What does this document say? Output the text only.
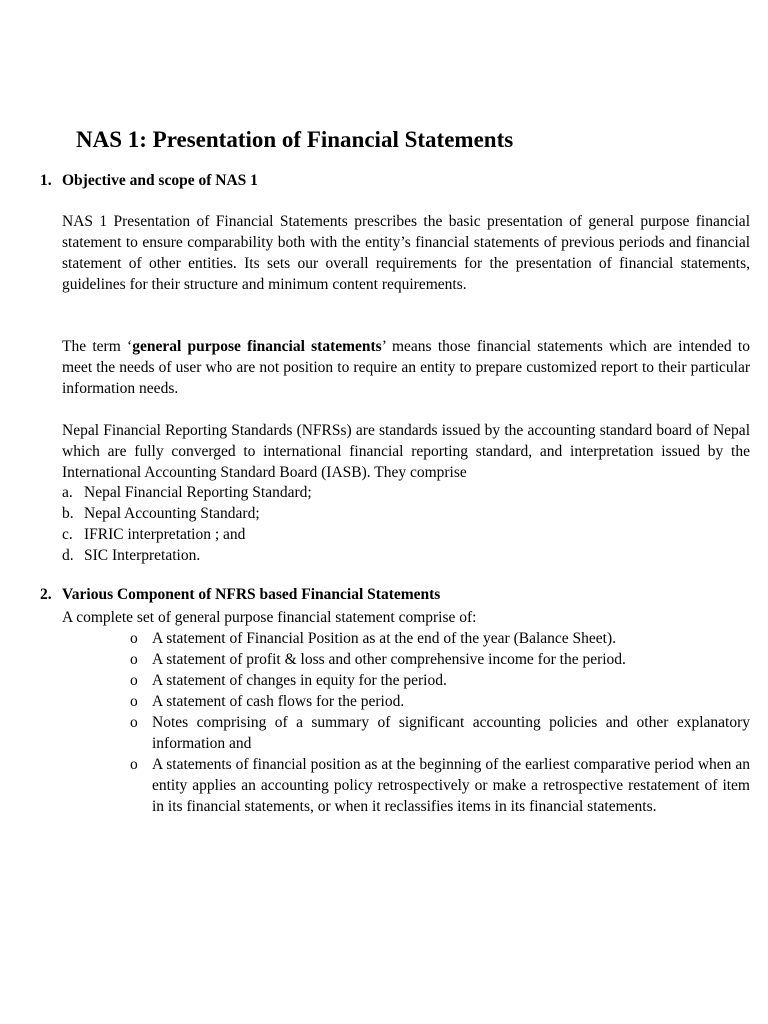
NAS 1: Presentation of Financial Statements
1. Objective and scope of NAS 1

NAS 1 Presentation of Financial Statements prescribes the basic presentation of general purpose financial statement to ensure comparability both with the entity’s financial statements of previous periods and financial statement of other entities. Its sets our overall requirements for the presentation of financial statements, guidelines for their structure and minimum content requirements.

The term ‘general purpose financial statements’ means those financial statements which are intended to meet the needs of user who are not position to require an entity to prepare customized report to their particular information needs.

Nepal Financial Reporting Standards (NFRSs) are standards issued by the accounting standard board of Nepal which are fully converged to international financial reporting standard, and interpretation issued by the International Accounting Standard Board (IASB). They comprise

a. Nepal Financial Reporting Standard;
b. Nepal Accounting Standard;
c. IFRIC interpretation ; and
d. SIC Interpretation.
2. Various Component of NFRS based Financial Statements
A complete set of general purpose financial statement comprise of:
o A statement of Financial Position as at the end of the year (Balance Sheet).
o A statement of profit & loss and other comprehensive income for the period.
o A statement of changes in equity for the period.
o A statement of cash flows for the period.
o Notes comprising of a summary of significant accounting policies and other explanatory information and
o A statements of financial position as at the beginning of the earliest comparative period when an entity applies an accounting policy retrospectively or make a retrospective restatement of item in its financial statements, or when it reclassifies items in its financial statements.
